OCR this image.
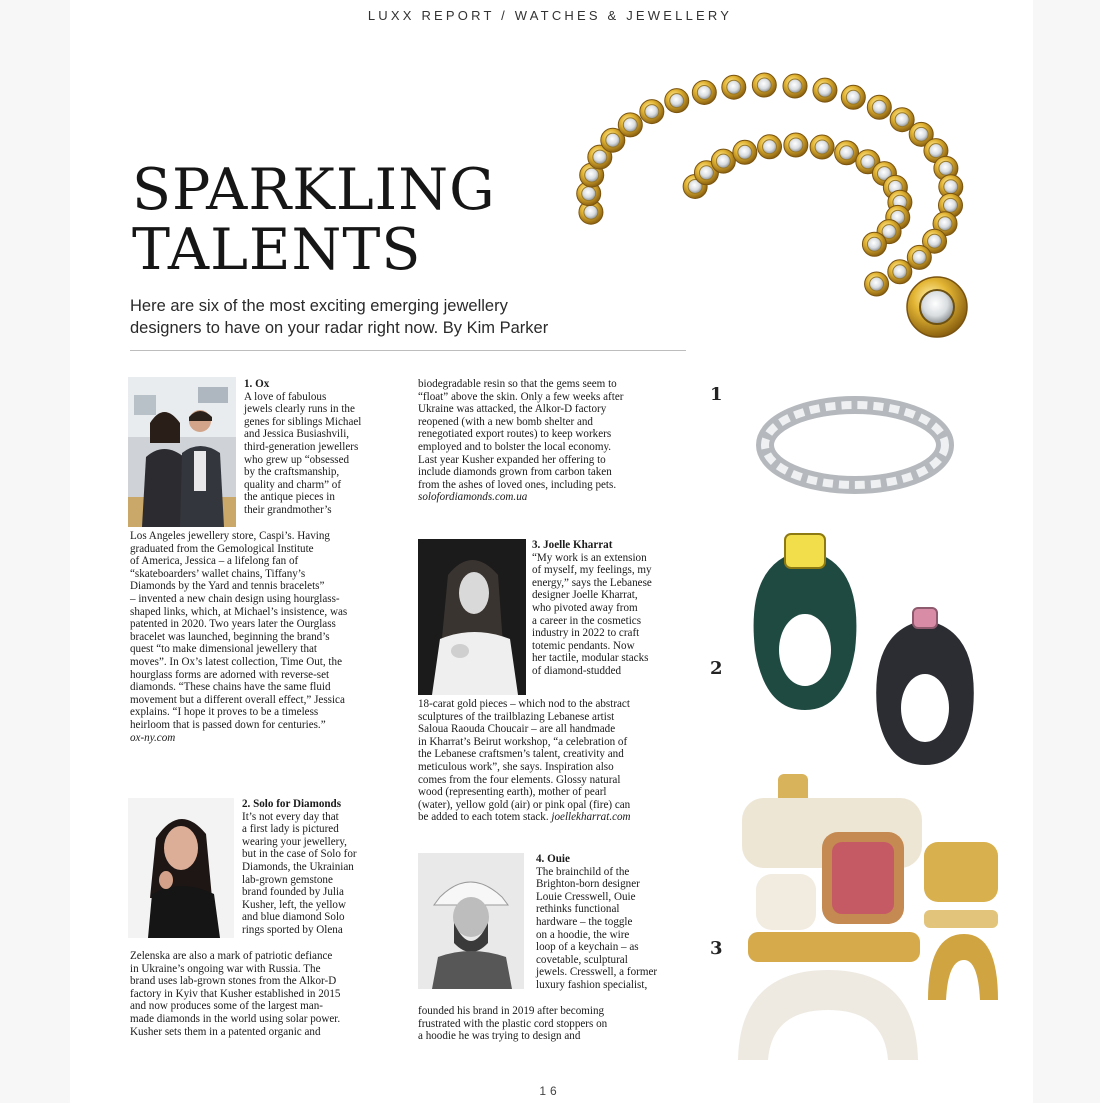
LUXX REPORT / WATCHES & JEWELLERY
SPARKLING
TALENTS
Here are six of the most exciting emerging jewellery
designers to have on your radar right now. By Kim Parker
1. Ox
A love of fabulous
jewels clearly runs in the
genes for siblings Michael
and Jessica Busiashvili,
third-generation jewellers
who grew up “obsessed
by the craftsmanship,
quality and charm” of
the antique pieces in
their grandmother’s
Los Angeles jewellery store, Caspi’s. Having
graduated from the Gemological Institute
of America, Jessica – a lifelong fan of
“skateboarders’ wallet chains, Tiffany’s
Diamonds by the Yard and tennis bracelets”
– invented a new chain design using hourglass-
shaped links, which, at Michael’s insistence, was
patented in 2020. Two years later the Ourglass
bracelet was launched, beginning the brand’s
quest “to make dimensional jewellery that
moves”. In Ox’s latest collection, Time Out, the
hourglass forms are adorned with reverse-set
diamonds. “These chains have the same fluid
movement but a different overall effect,” Jessica
explains. “I hope it proves to be a timeless
heirloom that is passed down for centuries.”
ox-ny.com
2. Solo for Diamonds
It’s not every day that
a first lady is pictured
wearing your jewellery,
but in the case of Solo for
Diamonds, the Ukrainian
lab-grown gemstone
brand founded by Julia
Kusher, left, the yellow
and blue diamond Solo
rings sported by Olena
Zelenska are also a mark of patriotic defiance
in Ukraine’s ongoing war with Russia. The
brand uses lab-grown stones from the Alkor-D
factory in Kyiv that Kusher established in 2015
and now produces some of the largest man-
made diamonds in the world using solar power.
Kusher sets them in a patented organic and
biodegradable resin so that the gems seem to
“float” above the skin. Only a few weeks after
Ukraine was attacked, the Alkor-D factory
reopened (with a new bomb shelter and
renegotiated export routes) to keep workers
employed and to bolster the local economy.
Last year Kusher expanded her offering to
include diamonds grown from carbon taken
from the ashes of loved ones, including pets.
solofordiamonds.com.ua
3. Joelle Kharrat
“My work is an extension
of myself, my feelings, my
energy,” says the Lebanese
designer Joelle Kharrat,
who pivoted away from
a career in the cosmetics
industry in 2022 to craft
totemic pendants. Now
her tactile, modular stacks
of diamond-studded
18-carat gold pieces – which nod to the abstract
sculptures of the trailblazing Lebanese artist
Saloua Raouda Choucair – are all handmade
in Kharrat’s Beirut workshop, “a celebration of
the Lebanese craftsmen’s talent, creativity and
meticulous work”, she says. Inspiration also
comes from the four elements. Glossy natural
wood (representing earth), mother of pearl
(water), yellow gold (air) or pink opal (fire) can
be added to each totem stack. joellekharrat.com
4. Ouie
The brainchild of the
Brighton-born designer
Louie Cresswell, Ouie
rethinks functional
hardware – the toggle
on a hoodie, the wire
loop of a keychain – as
covetable, sculptural
jewels. Cresswell, a former
luxury fashion specialist,
founded his brand in 2019 after becoming
frustrated with the plastic cord stoppers on
a hoodie he was trying to design and
1
2
3
16
